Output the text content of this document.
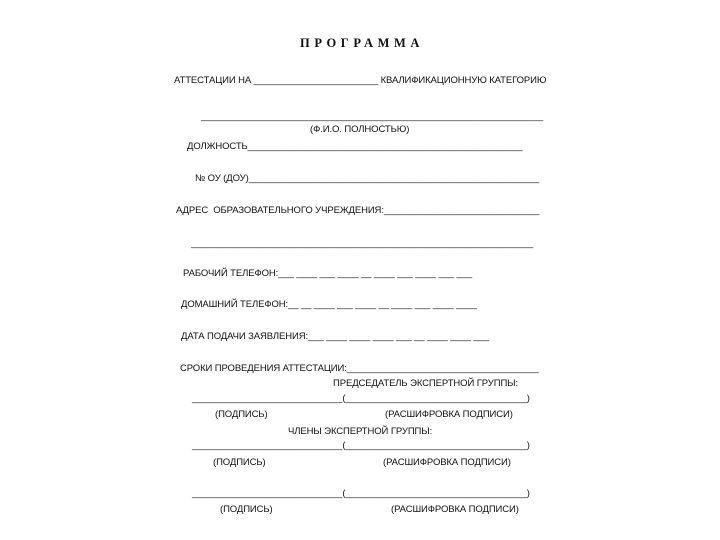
ПРОГРАММА
АТТЕСТАЦИИ НА ________________________ КВАЛИФИКАЦИОННУЮ КАТЕГОРИЮ
__________________________________________________________________
(Ф.И.О. ПОЛНОСТЬЮ)
ДОЛЖНОСТЬ_____________________________________________________
№ ОУ (ДОУ)________________________________________________________
АДРЕС  ОБРАЗОВАТЕЛЬНОГО УЧРЕЖДЕНИЯ:______________________________
__________________________________________________________________
РАБОЧИЙ ТЕЛЕФОН:___ ____ ___ ____ __ ____ ___ ____ ___ ___
ДОМАШНИЙ ТЕЛЕФОН:__ __ ____ ___ ____ __ ____ ___ ____ ____
ДАТА ПОДАЧИ ЗАЯВЛЕНИЯ:___ ____ ____ ____ ___ __ ____ ____ ___
СРОКИ ПРОВЕДЕНИЯ АТТЕСТАЦИИ:_____________________________________
ПРЕДСЕДАТЕЛЬ ЭКСПЕРТНОЙ ГРУППЫ:
_____________________________(___________________________________)
(ПОДПИСЬ)	(РАСШИФРОВКА ПОДПИСИ)
ЧЛЕНЫ ЭКСПЕРТНОЙ ГРУППЫ:
_____________________________(___________________________________)
(ПОДПИСЬ)	(РАСШИФРОВКА ПОДПИСИ)
_____________________________(___________________________________)
(ПОДПИСЬ)	(РАСШИФРОВКА ПОДПИСИ)
